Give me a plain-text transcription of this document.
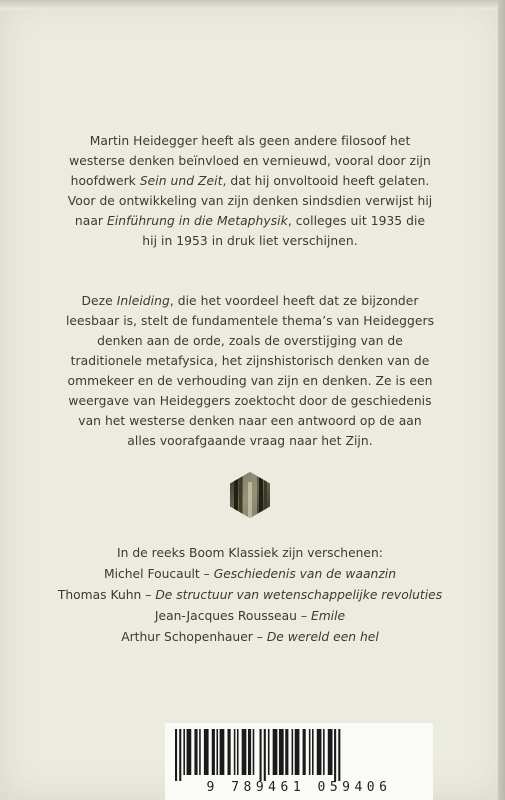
Martin Heidegger heeft als geen andere filosoof het
westerse denken beïnvloed en vernieuwd, vooral door zijn
hoofdwerk Sein und Zeit, dat hij onvoltooid heeft gelaten.
Voor de ontwikkeling van zijn denken sindsdien verwijst hij
naar Einführung in die Metaphysik, colleges uit 1935 die
hij in 1953 in druk liet verschijnen.

Deze Inleiding, die het voordeel heeft dat ze bijzonder
leesbaar is, stelt de fundamentele thema’s van Heideggers
denken aan de orde, zoals de overstijging van de
traditionele metafysica, het zijnshistorisch denken van de
ommekeer en de verhouding van zijn en denken. Ze is een
weergave van Heideggers zoektocht door de geschiedenis
van het westerse denken naar een antwoord op de aan
alles voorafgaande vraag naar het Zijn.

In de reeks Boom Klassiek zijn verschenen:
Michel Foucault – Geschiedenis van de waanzin
Thomas Kuhn – De structuur van wetenschappelijke revoluties
Jean-Jacques Rousseau – Emile
Arthur Schopenhauer – De wereld een hel
9 789461 059406
